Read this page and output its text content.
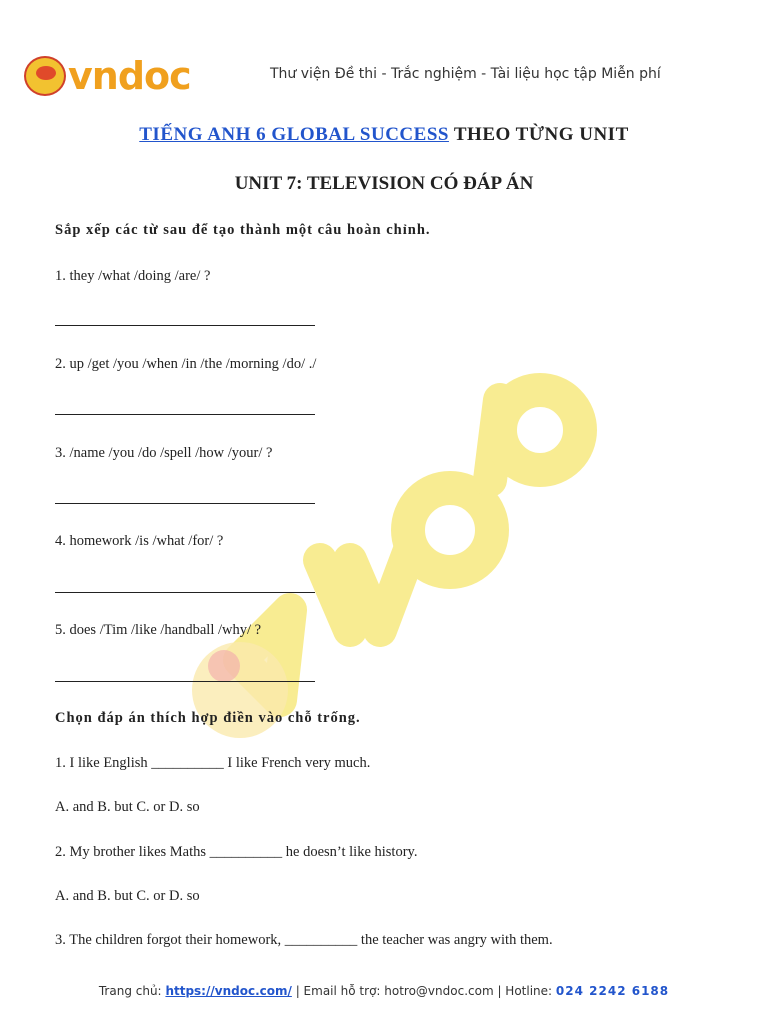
vndoc	Thư viện Đề thi - Trắc nghiệm - Tài liệu học tập Miễn phí
TIẾNG ANH 6 GLOBAL SUCCESS THEO TỪNG UNIT
UNIT 7: TELEVISION CÓ ĐÁP ÁN
Sắp xếp các từ sau để tạo thành một câu hoàn chỉnh.
1. they /what /doing /are/ ?
2. up /get /you /when /in /the /morning /do/ ./
3. /name /you /do /spell /how /your/ ?
4. homework /is /what /for/ ?
5. does /Tim /like /handball /why/ ?
Chọn đáp án thích hợp điền vào chỗ trống.
1. I like English __________ I like French very much.
A. and B. but C. or D. so
2. My brother likes Maths __________ he doesn’t like history.
A. and B. but C. or D. so
3. The children forgot their homework, __________ the teacher was angry with them.
Trang chủ: https://vndoc.com/ | Email hỗ trợ: hotro@vndoc.com | Hotline: 024 2242 6188
